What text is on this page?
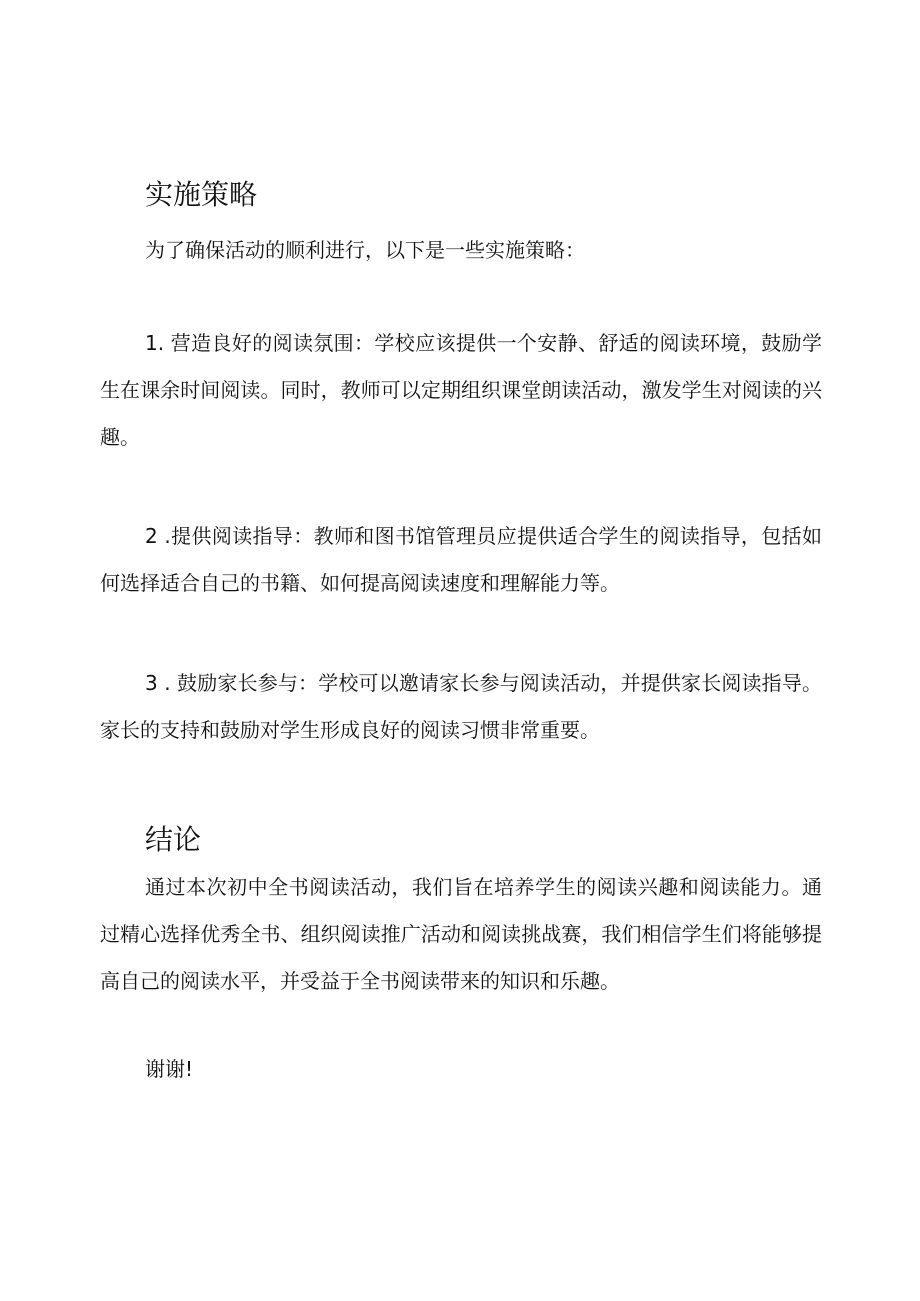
实施策略

为了确保活动的顺利进行，以下是一些实施策略：

1. 营造良好的阅读氛围：学校应该提供一个安静、舒适的阅读环境，鼓励学生在课余时间阅读。同时，教师可以定期组织课堂朗读活动，激发学生对阅读的兴趣。

2 .提供阅读指导：教师和图书馆管理员应提供适合学生的阅读指导，包括如何选择适合自己的书籍、如何提高阅读速度和理解能力等。

3 . 鼓励家长参与：学校可以邀请家长参与阅读活动，并提供家长阅读指导。家长的支持和鼓励对学生形成良好的阅读习惯非常重要。

结论

通过本次初中全书阅读活动，我们旨在培养学生的阅读兴趣和阅读能力。通过精心选择优秀全书、组织阅读推广活动和阅读挑战赛，我们相信学生们将能够提高自己的阅读水平，并受益于全书阅读带来的知识和乐趣。

谢谢!
